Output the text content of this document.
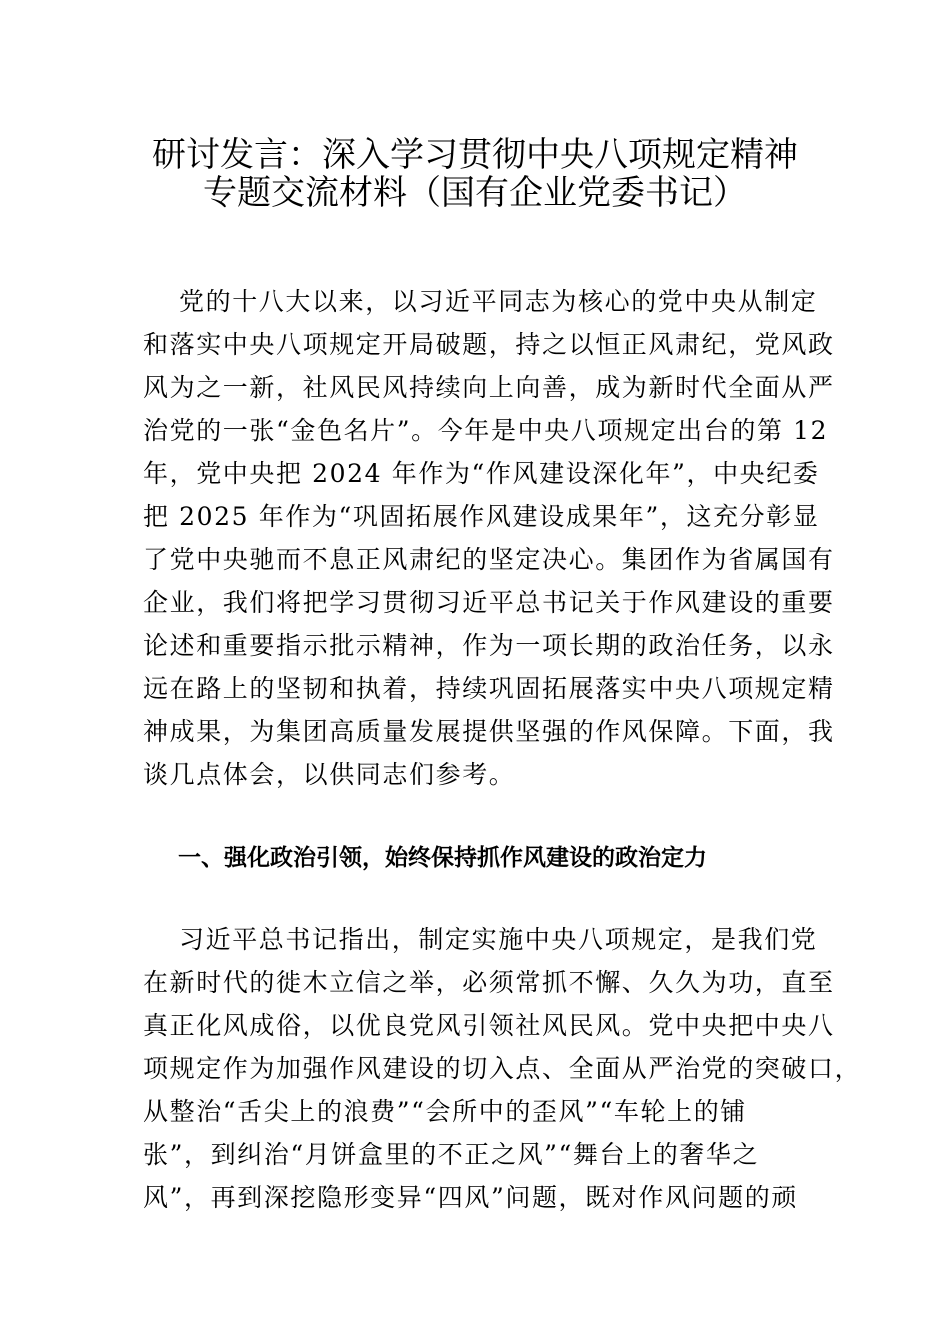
研讨发言：深入学习贯彻中央八项规定精神
专题交流材料（国有企业党委书记）
党的十八大以来，以习近平同志为核心的党中央从制定
和落实中央八项规定开局破题，持之以恒正风肃纪，党风政
风为之一新，社风民风持续向上向善，成为新时代全面从严
治党的一张“金色名片”。今年是中央八项规定出台的第 12
年，党中央把 2024 年作为“作风建设深化年”，中央纪委
把 2025 年作为“巩固拓展作风建设成果年”，这充分彰显
了党中央驰而不息正风肃纪的坚定决心。集团作为省属国有
企业，我们将把学习贯彻习近平总书记关于作风建设的重要
论述和重要指示批示精神，作为一项长期的政治任务，以永
远在路上的坚韧和执着，持续巩固拓展落实中央八项规定精
神成果，为集团高质量发展提供坚强的作风保障。下面，我
谈几点体会，以供同志们参考。
一、强化政治引领，始终保持抓作风建设的政治定力
习近平总书记指出，制定实施中央八项规定，是我们党
在新时代的徙木立信之举，必须常抓不懈、久久为功，直至
真正化风成俗，以优良党风引领社风民风。党中央把中央八
项规定作为加强作风建设的切入点、全面从严治党的突破口，
从整治“舌尖上的浪费”“会所中的歪风”“车轮上的铺
张”，到纠治“月饼盒里的不正之风”“舞台上的奢华之
风”，再到深挖隐形变异“四风”问题，既对作风问题的顽
